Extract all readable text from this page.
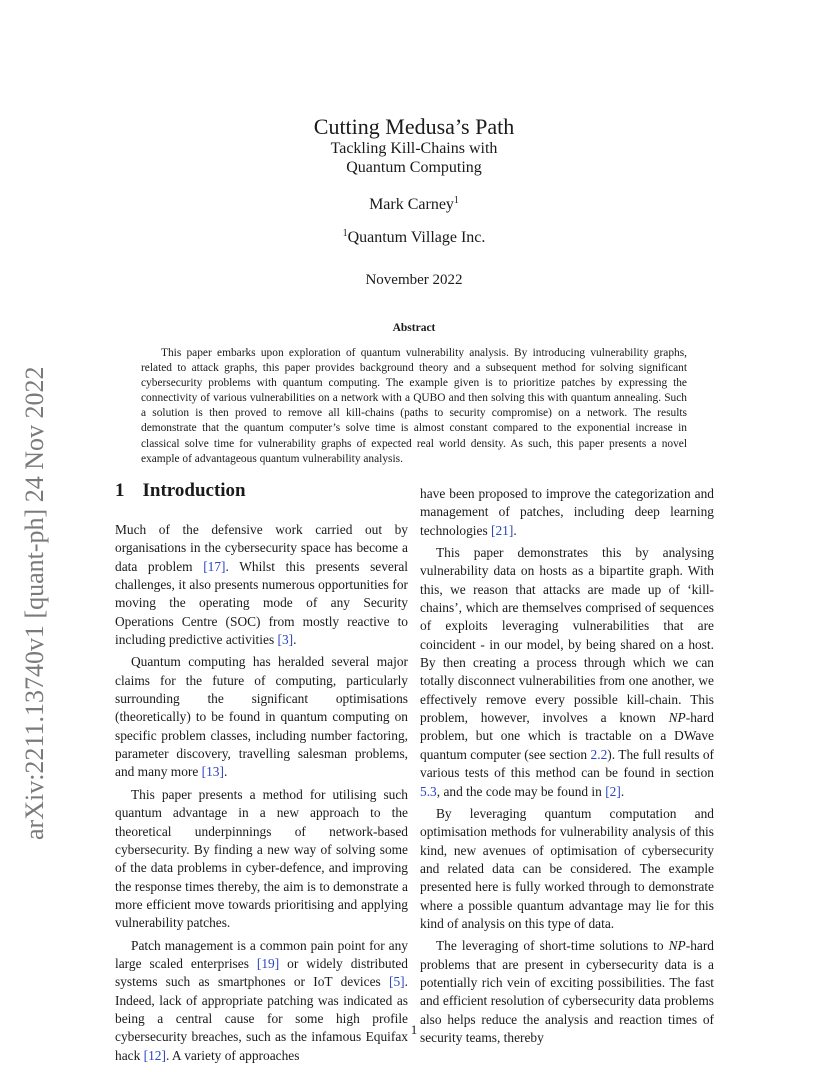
arXiv:2211.13740v1 [quant-ph] 24 Nov 2022
Cutting Medusa’s Path
Tackling Kill-Chains with
Quantum Computing
Mark Carney$^1$
$^1$Quantum Village Inc.
November 2022
Abstract

This paper embarks upon exploration of quantum vulnerability analysis. By introducing vulnerability graphs, related to attack graphs, this paper provides background theory and a subsequent method for solving significant cybersecurity problems with quantum computing. The example given is to prioritize patches by expressing the connectivity of various vulnerabilities on a network with a QUBO and then solving this with quantum annealing. Such a solution is then proved to remove all kill-chains (paths to security compromise) on a network. The results demonstrate that the quantum computer’s solve time is almost constant compared to the exponential increase in classical solve time for vulnerability graphs of expected real world density. As such, this paper presents a novel example of advantageous quantum vulnerability analysis.

1 Introduction

Much of the defensive work carried out by organisations in the cybersecurity space has become a data problem [17]. Whilst this presents several challenges, it also presents numerous opportunities for moving the operating mode of any Security Operations Centre (SOC) from mostly reactive to including predictive activities [3].

Quantum computing has heralded several major claims for the future of computing, particularly surrounding the significant optimisations (theoretically) to be found in quantum computing on specific problem classes, including number factoring, parameter discovery, travelling salesman problems, and many more [13].

This paper presents a method for utilising such quantum advantage in a new approach to the theoretical underpinnings of network-based cybersecurity. By finding a new way of solving some of the data problems in cyber-defence, and improving the response times thereby, the aim is to demonstrate a more efficient move towards prioritising and applying vulnerability patches.

Patch management is a common pain point for any large scaled enterprises [19] or widely distributed systems such as smartphones or IoT devices [5]. Indeed, lack of appropriate patching was indicated as being a central cause for some high profile cybersecurity breaches, such as the infamous Equifax hack [12]. A variety of approaches

have been proposed to improve the categorization and management of patches, including deep learning technologies [21].

This paper demonstrates this by analysing vulnerability data on hosts as a bipartite graph. With this, we reason that attacks are made up of ‘kill-chains’, which are themselves comprised of sequences of exploits leveraging vulnerabilities that are coincident - in our model, by being shared on a host. By then creating a process through which we can totally disconnect vulnerabilities from one another, we effectively remove every possible kill-chain. This problem, however, involves a known NP-hard problem, but one which is tractable on a DWave quantum computer (see section 2.2). The full results of various tests of this method can be found in section 5.3, and the code may be found in [2].

By leveraging quantum computation and optimisation methods for vulnerability analysis of this kind, new avenues of optimisation of cybersecurity and related data can be considered. The example presented here is fully worked through to demonstrate where a possible quantum advantage may lie for this kind of analysis on this type of data.

The leveraging of short-time solutions to NP-hard problems that are present in cybersecurity data is a potentially rich vein of exciting possibilities. The fast and efficient resolution of cybersecurity data problems also helps reduce the analysis and reaction times of security teams, thereby

1
